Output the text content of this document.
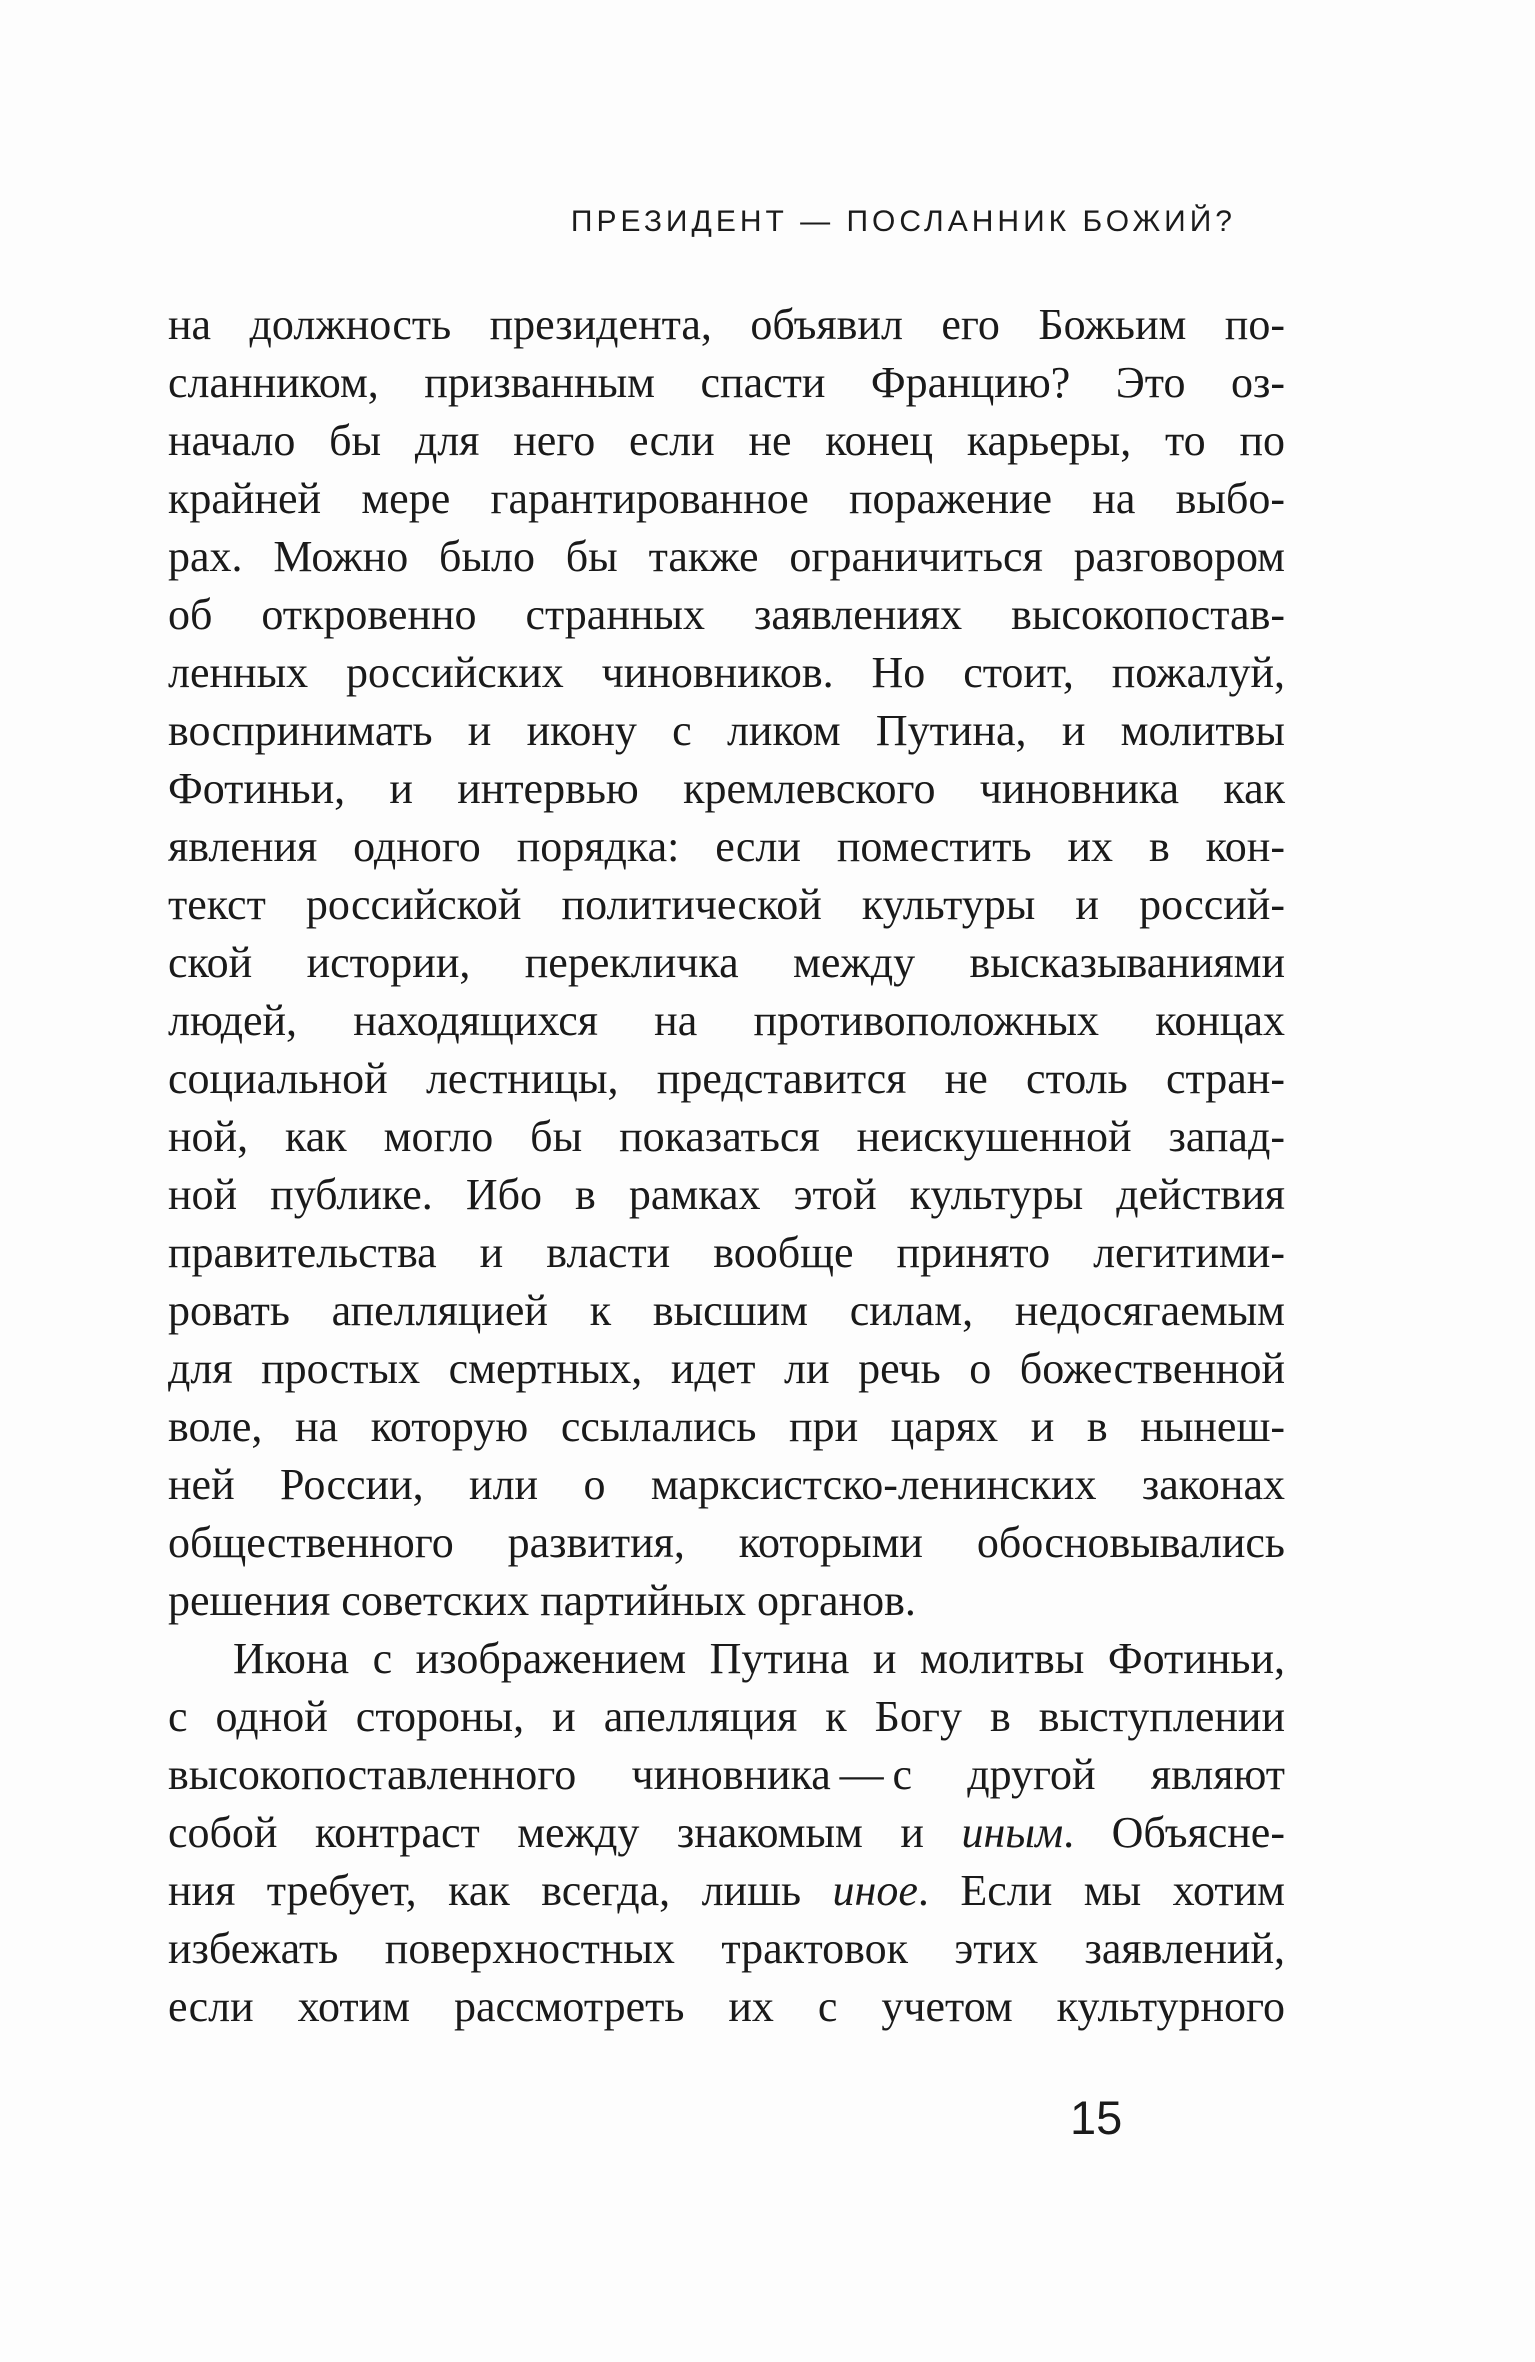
ПРЕЗИДЕНТ — ПОСЛАННИК БОЖИЙ?
на должность президента, объявил его Божьим по-
сланником, призванным спасти Францию? Это оз-
начало бы для него если не конец карьеры, то по
крайней мере гарантированное поражение на выбо-
рах. Можно было бы также ограничиться разговором
об откровенно странных заявлениях высокопостав-
ленных российских чиновников. Но стоит, пожалуй,
воспринимать и икону с ликом Путина, и молитвы
Фотиньи, и интервью кремлевского чиновника как
явления одного порядка: если поместить их в кон-
текст российской политической культуры и россий-
ской истории, перекличка между высказываниями
людей, находящихся на противоположных концах
социальной лестницы, представится не столь стран-
ной, как могло бы показаться неискушенной запад-
ной публике. Ибо в рамках этой культуры действия
правительства и власти вообще принято легитими-
ровать апелляцией к высшим силам, недосягаемым
для простых смертных, идет ли речь о божественной
воле, на которую ссылались при царях и в нынеш-
ней России, или о марксистско-ленинских законах
общественного развития, которыми обосновывались
решения советских партийных органов.
Икона с изображением Путина и молитвы Фотиньи,
с одной стороны, и апелляция к Богу в выступлении
высокопоставленного чиновника — с другой являют
собой контраст между знакомым и иным. Объясне-
ния требует, как всегда, лишь иное. Если мы хотим
избежать поверхностных трактовок этих заявлений,
если хотим рассмотреть их с учетом культурного
15
